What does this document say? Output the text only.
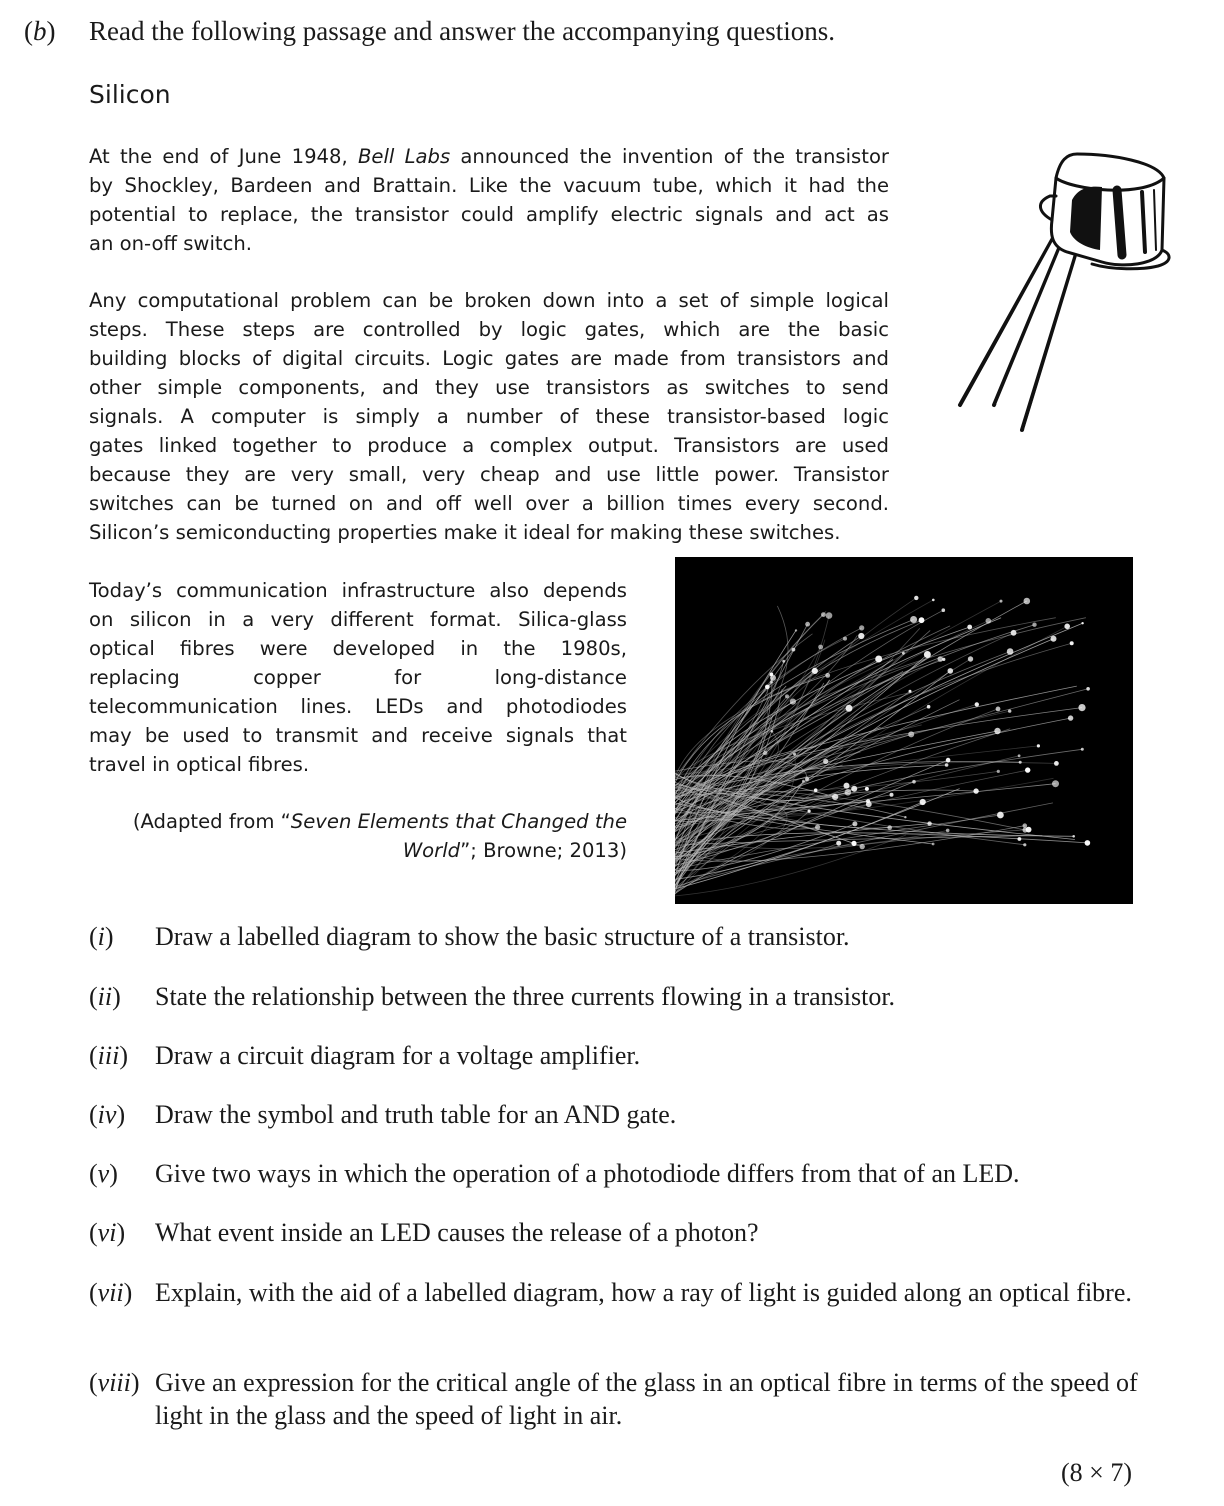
(b) Read the following passage and answer the accompanying questions.
Silicon
At the end of June 1948, Bell Labs announced the invention of the transistor
by Shockley, Bardeen and Brattain. Like the vacuum tube, which it had the
potential to replace, the transistor could amplify electric signals and act as
an on-off switch.
Any computational problem can be broken down into a set of simple logical
steps. These steps are controlled by logic gates, which are the basic
building blocks of digital circuits. Logic gates are made from transistors and
other simple components, and they use transistors as switches to send
signals. A computer is simply a number of these transistor-based logic
gates linked together to produce a complex output. Transistors are used
because they are very small, very cheap and use little power. Transistor
switches can be turned on and off well over a billion times every second.
Silicon’s semiconducting properties make it ideal for making these switches.
Today’s communication infrastructure also depends
on silicon in a very different format. Silica-glass
optical fibres were developed in the 1980s,
replacing copper for long-distance
telecommunication lines. LEDs and photodiodes
may be used to transmit and receive signals that
travel in optical fibres.
(Adapted from “Seven Elements that Changed the
World”; Browne; 2013)
(i) Draw a labelled diagram to show the basic structure of a transistor.
(ii) State the relationship between the three currents flowing in a transistor.
(iii) Draw a circuit diagram for a voltage amplifier.
(iv) Draw the symbol and truth table for an AND gate.
(v) Give two ways in which the operation of a photodiode differs from that of an LED.
(vi) What event inside an LED causes the release of a photon?
(vii) Explain, with the aid of a labelled diagram, how a ray of light is guided along an optical fibre.
(viii) Give an expression for the critical angle of the glass in an optical fibre in terms of the speed of light in the glass and the speed of light in air.
(8 × 7)
